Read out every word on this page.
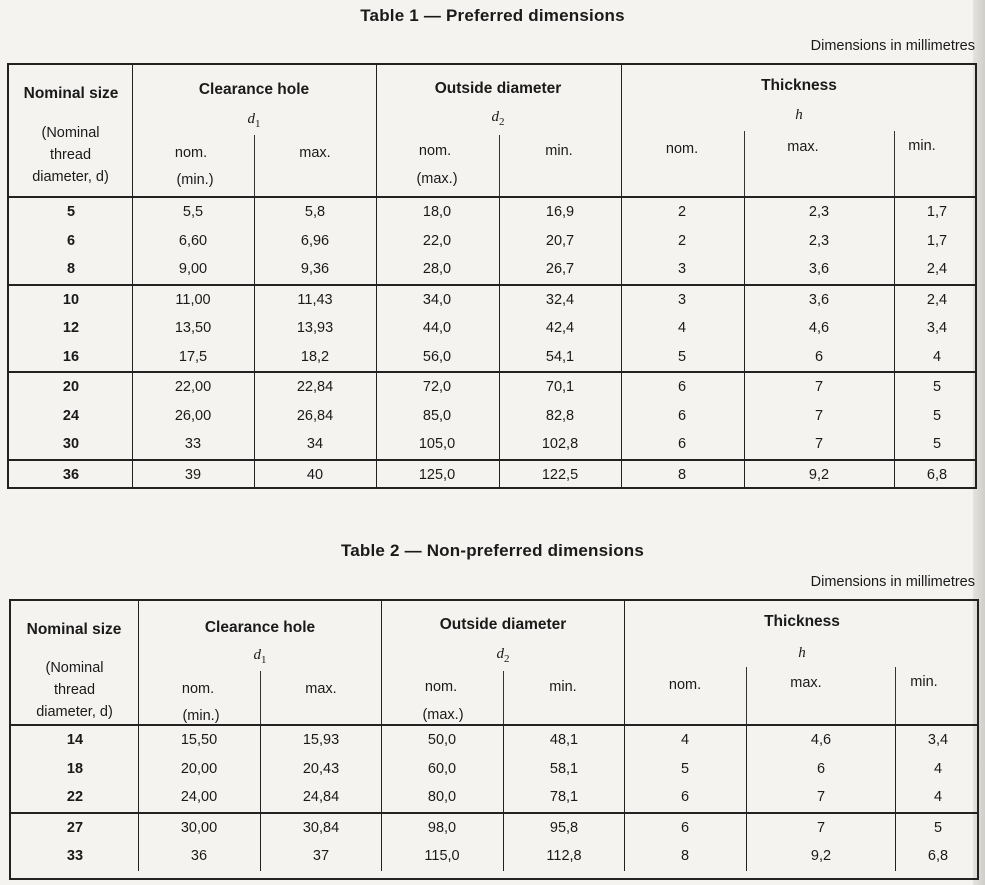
Table 1 — Preferred dimensions
Dimensions in millimetres
Nominal size
(Nominal
thread
diameter, d)
Clearance hole
$d_1$
nom.
(min.)
max.
Outside diameter
$d_2$
nom.
(max.)
min.
Thickness
h
nom.	max.	min.
5	5,5	5,8	18,0	16,9	2	2,3	1,7
6	6,60	6,96	22,0	20,7	2	2,3	1,7
8	9,00	9,36	28,0	26,7	3	3,6	2,4
10	11,00	11,43	34,0	32,4	3	3,6	2,4
12	13,50	13,93	44,0	42,4	4	4,6	3,4
16	17,5	18,2	56,0	54,1	5	6	4
20	22,00	22,84	72,0	70,1	6	7	5
24	26,00	26,84	85,0	82,8	6	7	5
30	33	34	105,0	102,8	6	7	5
36	39	40	125,0	122,5	8	9,2	6,8
Table 2 — Non-preferred dimensions
Dimensions in millimetres
Nominal size
(Nominal
thread
diameter, d)
Clearance hole
$d_1$
nom.
(min.)
max.
Outside diameter
$d_2$
nom.
(max.)
min.
Thickness
h
nom.	max.	min.
14	15,50	15,93	50,0	48,1	4	4,6	3,4
18	20,00	20,43	60,0	58,1	5	6	4
22	24,00	24,84	80,0	78,1	6	7	4
27	30,00	30,84	98,0	95,8	6	7	5
33	36	37	115,0	112,8	8	9,2	6,8
